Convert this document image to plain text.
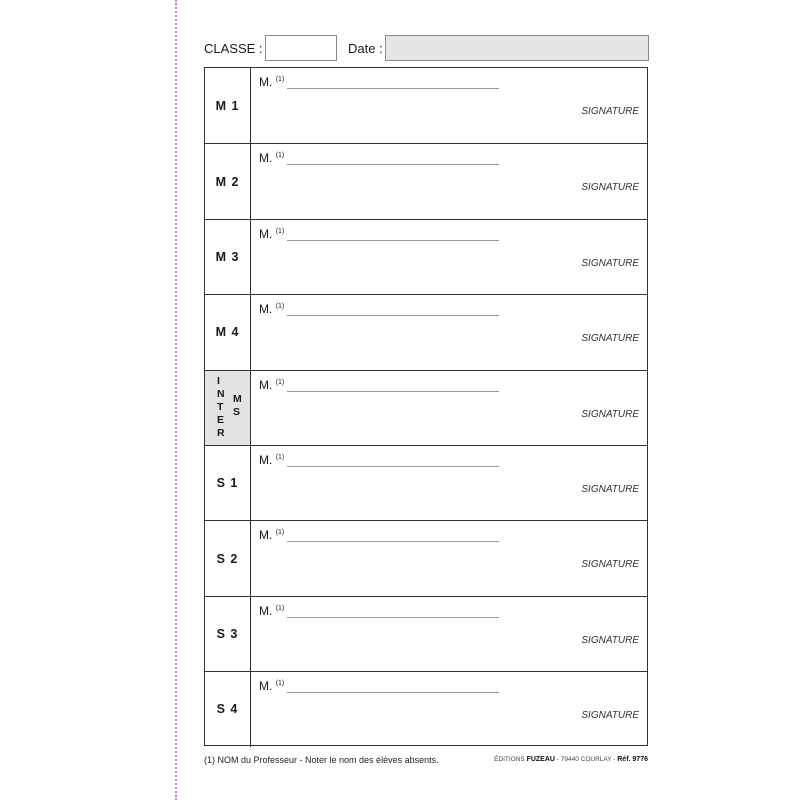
CLASSE :	Date :
M 1
M. $^{(1)}$
SIGNATURE
M 2
M. $^{(1)}$
SIGNATURE
M 3
M. $^{(1)}$
SIGNATURE
M 4
M. $^{(1)}$
SIGNATURE
I
N
T
E
R
M
S
M. $^{(1)}$
SIGNATURE
S 1
M. $^{(1)}$
SIGNATURE
S 2
M. $^{(1)}$
SIGNATURE
S 3
M. $^{(1)}$
SIGNATURE
S 4
M. $^{(1)}$
SIGNATURE
(1) NOM du Professeur - Noter le nom des élèves absents.	ÉDITIONS FUZEAU - 79440 COURLAY - Réf. 9776
